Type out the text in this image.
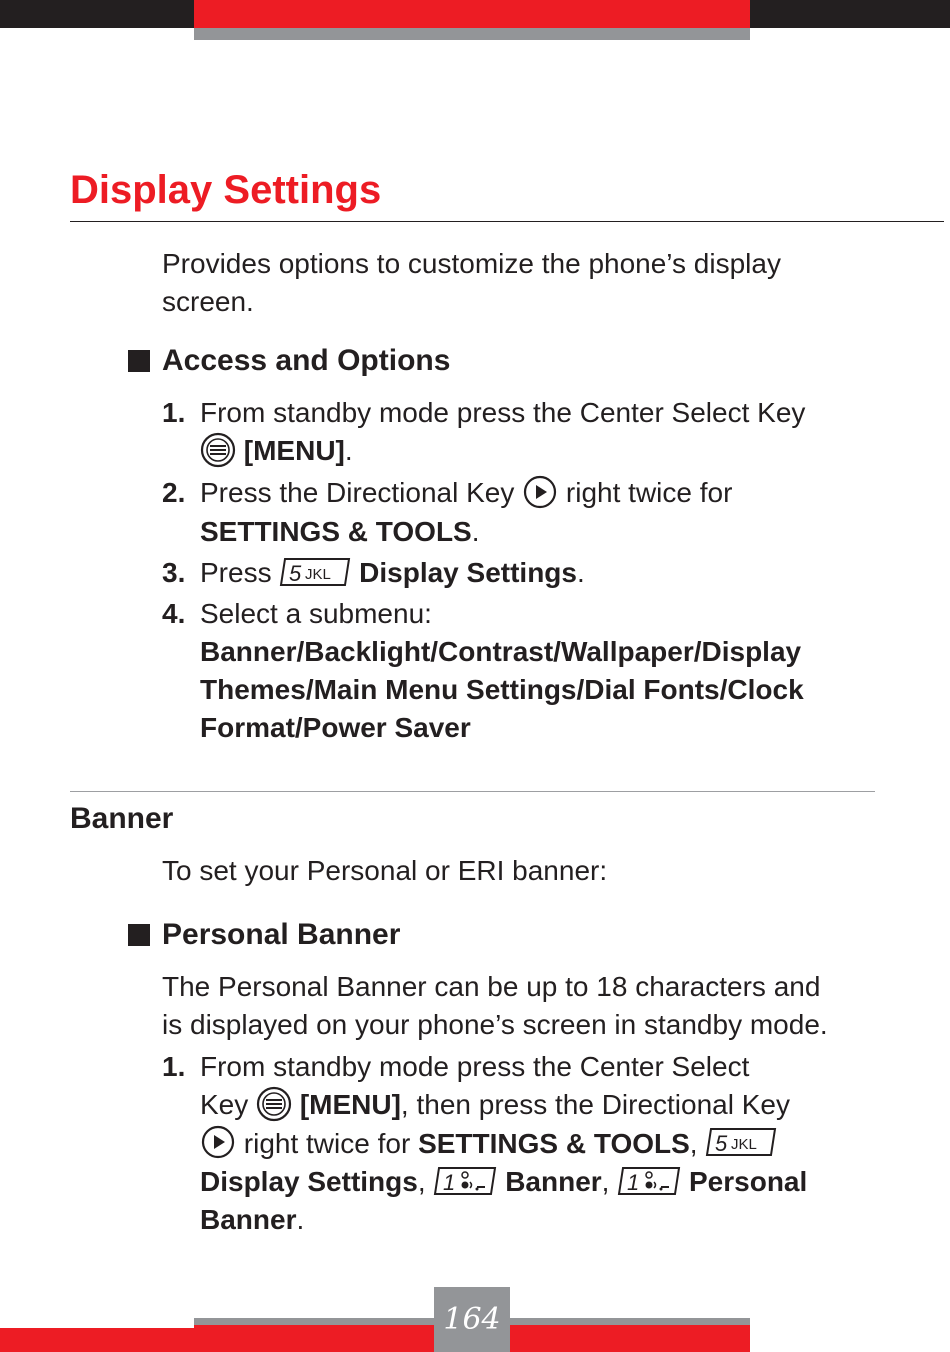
Display Settings
Provides options to customize the phone’s display
screen.
Access and Options
1. From standby mode press the Center Select Key
[MENU].
2. Press the Directional Key right twice for
SETTINGS & TOOLS.
3. Press 5 JKL Display Settings.
4. Select a submenu:
Banner/Backlight/Contrast/Wallpaper/Display
Themes/Main Menu Settings/Dial Fonts/Clock
Format/Power Saver
Banner
To set your Personal or ERI banner:
Personal Banner
The Personal Banner can be up to 18 characters and
is displayed on your phone’s screen in standby mode.
1. From standby mode press the Center Select
Key [MENU], then press the Directional Key
right twice for SETTINGS & TOOLS, 5 JKL
Display Settings, 1 Banner, 1 Personal
Banner.
164
